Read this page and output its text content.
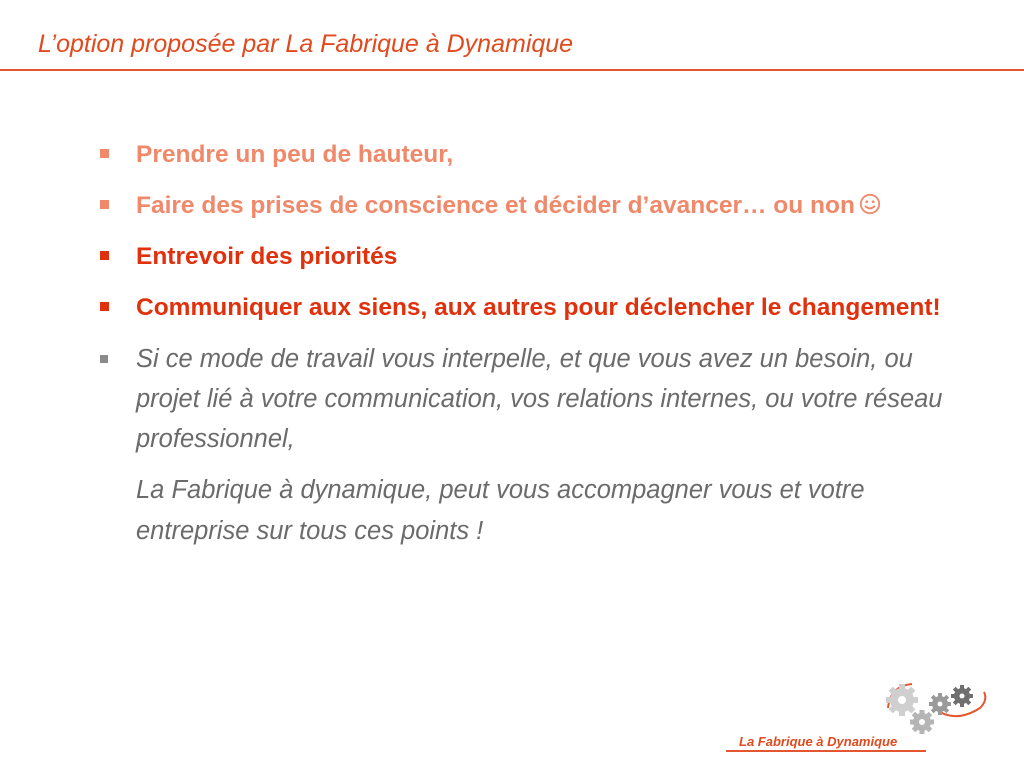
L’option proposée par La Fabrique à Dynamique

Prendre un peu de hauteur,

Faire des prises de conscience et décider d’avancer… ou non

Entrevoir des priorités

Communiquer aux siens, aux autres pour déclencher le changement!

Si ce mode de travail vous interpelle, et que vous avez un besoin, ou projet lié à votre communication, vos relations internes, ou votre réseau professionnel,

La Fabrique à dynamique, peut vous accompagner vous et votre entreprise sur tous ces points !

La Fabrique à Dynamique
